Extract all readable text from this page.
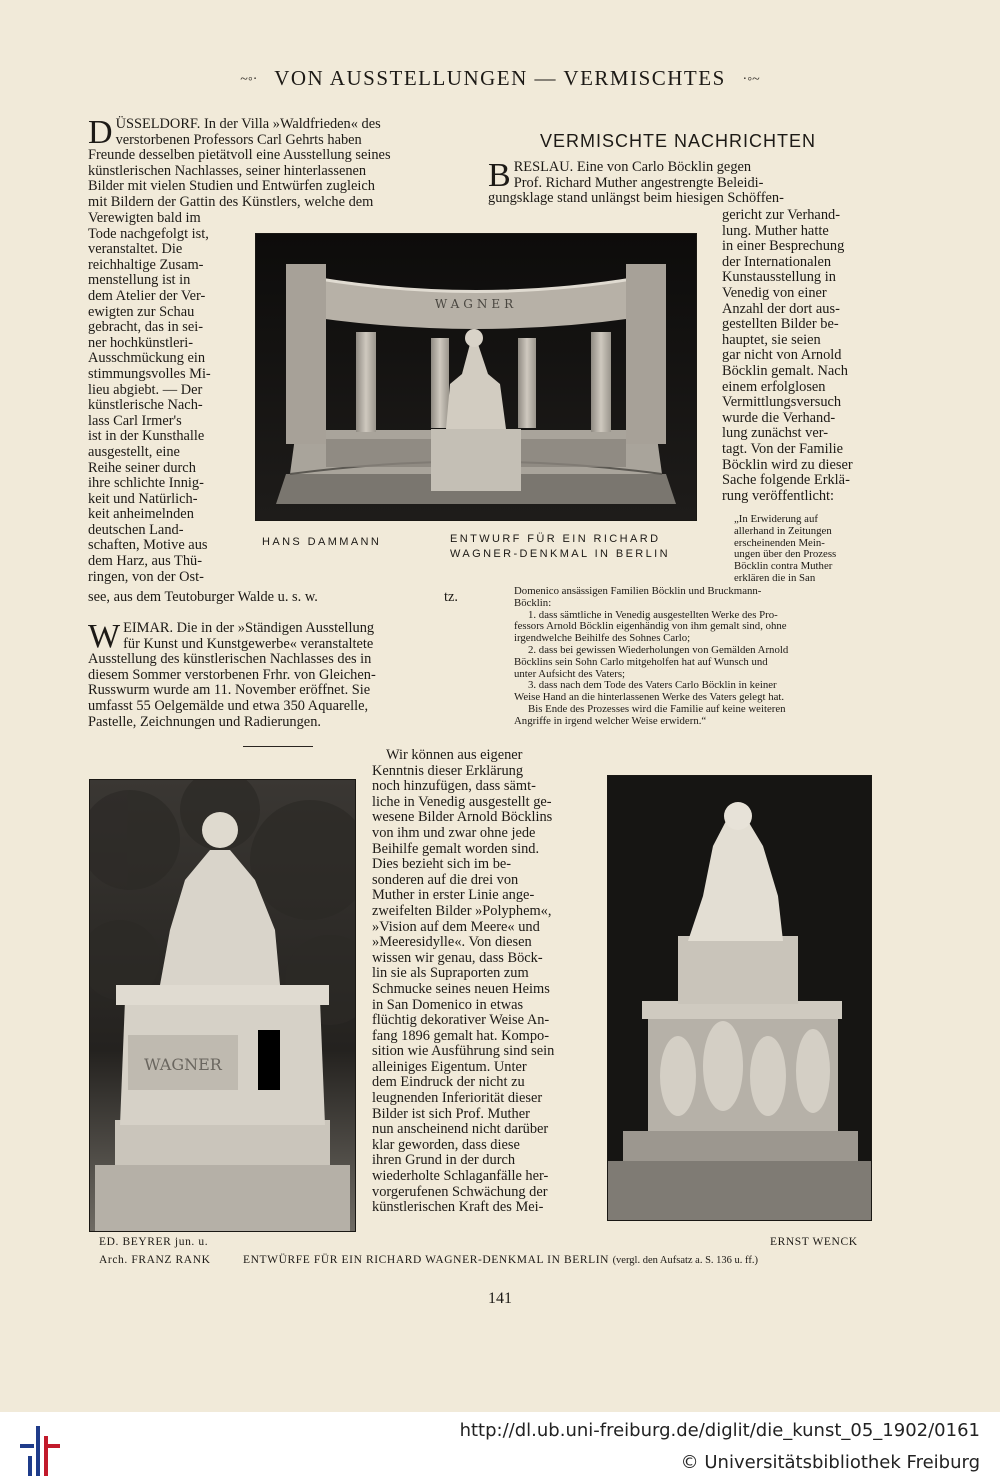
~◦· VON AUSSTELLUNGEN — VERMISCHTES ·◦~
D ÜSSELDORF. In der Villa »Waldfrieden« des
verstorbenen Professors Carl Gehrts haben
Freunde desselben pietätvoll eine Ausstellung seines
künstlerischen Nachlasses, seiner hinterlassenen
Bilder mit vielen Studien und Entwürfen zugleich
mit Bildern der Gattin des Künstlers, welche dem
Verewigten bald im
Tode nachgefolgt ist,
veranstaltet. Die
reichhaltige Zusam-
menstellung ist in
dem Atelier der Ver-
ewigten zur Schau
gebracht, das in sei-
ner hochkünstleri-
Ausschmückung ein
stimmungsvolles Mi-
lieu abgiebt. — Der
künstlerische Nach-
lass Carl Irmer's
ist in der Kunsthalle
ausgestellt, eine
Reihe seiner durch
ihre schlichte Innig-
keit und Natürlich-
keit anheimelnden
deutschen Land-
schaften, Motive aus
dem Harz, aus Thü-
ringen, von der Ost-
see, aus dem Teutoburger Walde u. s. w.	tz.
W EIMAR. Die in der »Ständigen Ausstellung
für Kunst und Kunstgewerbe« veranstaltete
Ausstellung des künstlerischen Nachlasses des in
diesem Sommer verstorbenen Frhr. von Gleichen-
Russwurm wurde am 11. November eröffnet. Sie
umfasst 55 Oelgemälde und etwa 350 Aquarelle,
Pastelle, Zeichnungen und Radierungen.
VERMISCHTE NACHRICHTEN
B RESLAU. Eine von Carlo Böcklin gegen
Prof. Richard Muther angestrengte Beleidi-
gungsklage stand unlängst beim hiesigen Schöffen-
gericht zur Verhand-
lung. Muther hatte
in einer Besprechung
der Internationalen
Kunstausstellung in
Venedig von einer
Anzahl der dort aus-
gestellten Bilder be-
hauptet, sie seien
gar nicht von Arnold
Böcklin gemalt. Nach
einem erfolglosen
Vermittlungsversuch
wurde die Verhand-
lung zunächst ver-
tagt. Von der Familie
Böcklin wird zu dieser
Sache folgende Erklä-
rung veröffentlicht:
„In Erwiderung auf
allerhand in Zeitungen
erscheinenden Mein-
ungen über den Prozess
Böcklin contra Muther
erklären die in San
Domenico ansässigen Familien Böcklin und Bruckmann-
Böcklin:
1. dass sämtliche in Venedig ausgestellten Werke des Pro-
fessors Arnold Böcklin eigenhändig von ihm gemalt sind, ohne
irgendwelche Beihilfe des Sohnes Carlo;
2. dass bei gewissen Wiederholungen von Gemälden Arnold
Böcklins sein Sohn Carlo mitgeholfen hat auf Wunsch und
unter Aufsicht des Vaters;
3. dass nach dem Tode des Vaters Carlo Böcklin in keiner
Weise Hand an die hinterlassenen Werke des Vaters gelegt hat.
Bis Ende des Prozesses wird die Familie auf keine weiteren
Angriffe in irgend welcher Weise erwidern.“
Wir können aus eigener
Kenntnis dieser Erklärung
noch hinzufügen, dass sämt-
liche in Venedig ausgestellt ge-
wesene Bilder Arnold Böcklins
von ihm und zwar ohne jede
Beihilfe gemalt worden sind.
Dies bezieht sich im be-
sonderen auf die drei von
Muther in erster Linie ange-
zweifelten Bilder »Polyphem«,
»Vision auf dem Meere« und
»Meeresidylle«. Von diesen
wissen wir genau, dass Böck-
lin sie als Supraporten zum
Schmucke seines neuen Heims
in San Domenico in etwas
flüchtig dekorativer Weise An-
fang 1896 gemalt hat. Kompo-
sition wie Ausführung sind sein
alleiniges Eigentum. Unter
dem Eindruck der nicht zu
leugnenden Inferiorität dieser
Bilder ist sich Prof. Muther
nun anscheinend nicht darüber
klar geworden, dass diese
ihren Grund in der durch
wiederholte Schlaganfälle her-
vorgerufenen Schwächung der
künstlerischen Kraft des Mei-
WAGNER
HANS DAMMANN	ENTWURF FÜR EIN RICHARD
WAGNER-DENKMAL IN BERLIN
WAGNER
ED. BEYRER jun. u.
Arch. FRANZ RANK	ENTWÜRFE FÜR EIN RICHARD WAGNER-DENKMAL IN BERLIN (vergl. den Aufsatz a. S. 136 u. ff.)
ERNST WENCK
141
http://dl.ub.uni-freiburg.de/diglit/die_kunst_05_1902/0161
© Universitätsbibliothek Freiburg
